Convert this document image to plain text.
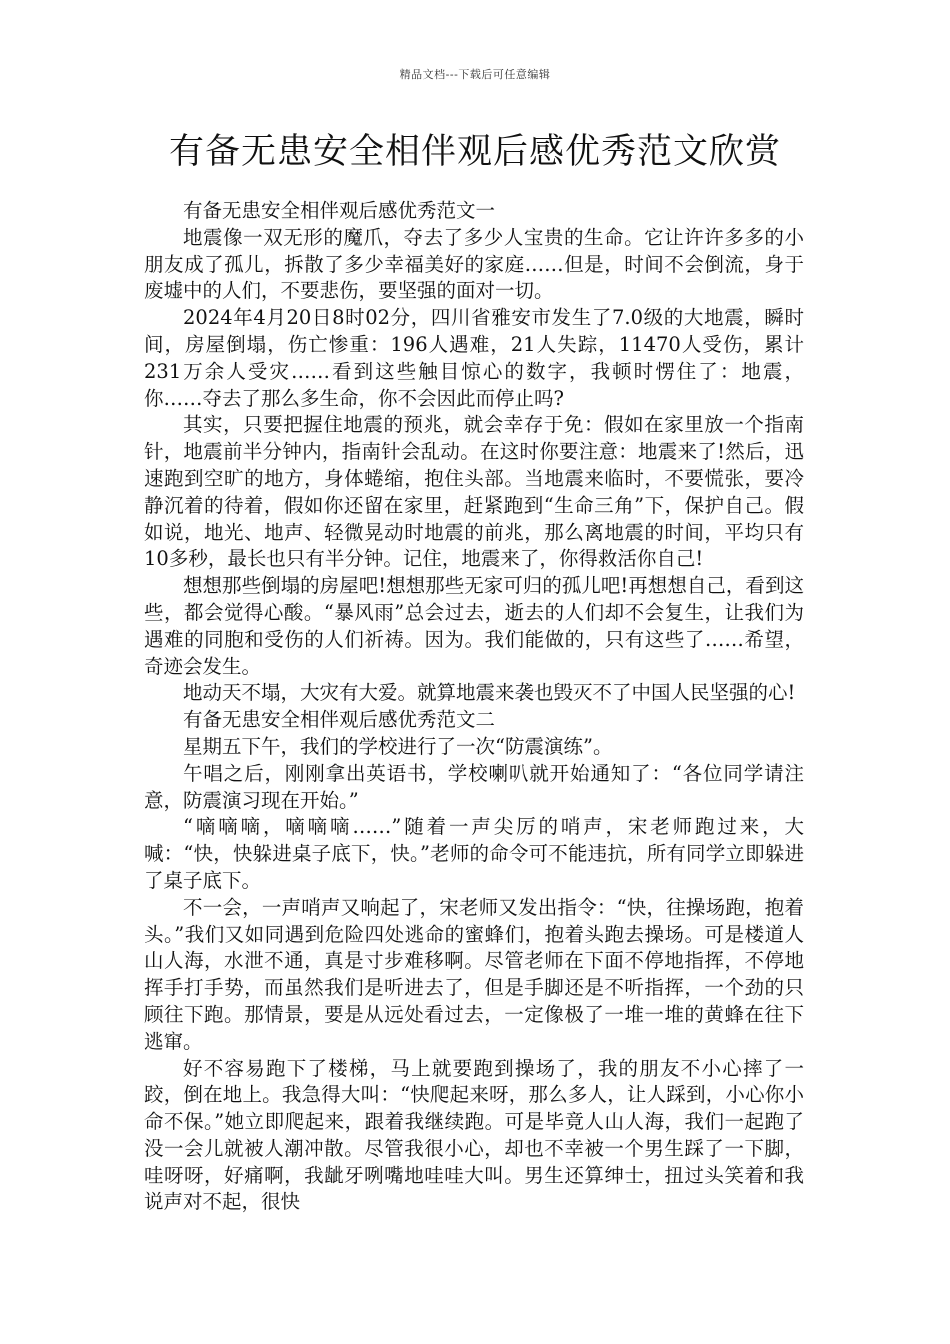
精品文档---下载后可任意编辑
有备无患安全相伴观后感优秀范文欣赏

有备无患安全相伴观后感优秀范文一

地震像一双无形的魔爪，夺去了多少人宝贵的生命。它让许许多多的小朋友成了孤儿，拆散了多少幸福美好的家庭……但是，时间不会倒流，身于废墟中的人们，不要悲伤，要坚强的面对一切。

2024年4月20日8时02分，四川省雅安市发生了7.0级的大地震，瞬时间，房屋倒塌，伤亡惨重：196人遇难，21人失踪，11470人受伤，累计231万余人受灾……看到这些触目惊心的数字，我顿时愣住了：地震，你……夺去了那么多生命，你不会因此而停止吗?

其实，只要把握住地震的预兆，就会幸存于免：假如在家里放一个指南针，地震前半分钟内，指南针会乱动。在这时你要注意：地震来了!然后，迅速跑到空旷的地方，身体蜷缩，抱住头部。当地震来临时，不要慌张，要冷静沉着的待着，假如你还留在家里，赶紧跑到“生命三角”下，保护自己。假如说，地光、地声、轻微晃动时地震的前兆，那么离地震的时间，平均只有10多秒，最长也只有半分钟。记住，地震来了，你得救活你自己!

想想那些倒塌的房屋吧!想想那些无家可归的孤儿吧!再想想自己，看到这些，都会觉得心酸。“暴风雨”总会过去，逝去的人们却不会复生，让我们为遇难的同胞和受伤的人们祈祷。因为。我们能做的，只有这些了……希望，奇迹会发生。

地动天不塌，大灾有大爱。就算地震来袭也毁灭不了中国人民坚强的心!

有备无患安全相伴观后感优秀范文二

星期五下午，我们的学校进行了一次“防震演练”。

午唱之后，刚刚拿出英语书，学校喇叭就开始通知了：“各位同学请注意，防震演习现在开始。”

“嘀嘀嘀，嘀嘀嘀……”随着一声尖厉的哨声，宋老师跑过来，大喊：“快，快躲进桌子底下，快。”老师的命令可不能违抗，所有同学立即躲进了桌子底下。

不一会，一声哨声又响起了，宋老师又发出指令：“快，往操场跑，抱着头。”我们又如同遇到危险四处逃命的蜜蜂们，抱着头跑去操场。可是楼道人山人海，水泄不通，真是寸步难移啊。尽管老师在下面不停地指挥，不停地挥手打手势，而虽然我们是听进去了，但是手脚还是不听指挥，一个劲的只顾往下跑。那情景，要是从远处看过去，一定像极了一堆一堆的黄蜂在往下逃窜。

好不容易跑下了楼梯，马上就要跑到操场了，我的朋友不小心摔了一跤，倒在地上。我急得大叫：“快爬起来呀，那么多人，让人踩到，小心你小命不保。”她立即爬起来，跟着我继续跑。可是毕竟人山人海，我们一起跑了没一会儿就被人潮冲散。尽管我很小心，却也不幸被一个男生踩了一下脚，哇呀呀，好痛啊，我龇牙咧嘴地哇哇大叫。男生还算绅士，扭过头笑着和我说声对不起，很快
